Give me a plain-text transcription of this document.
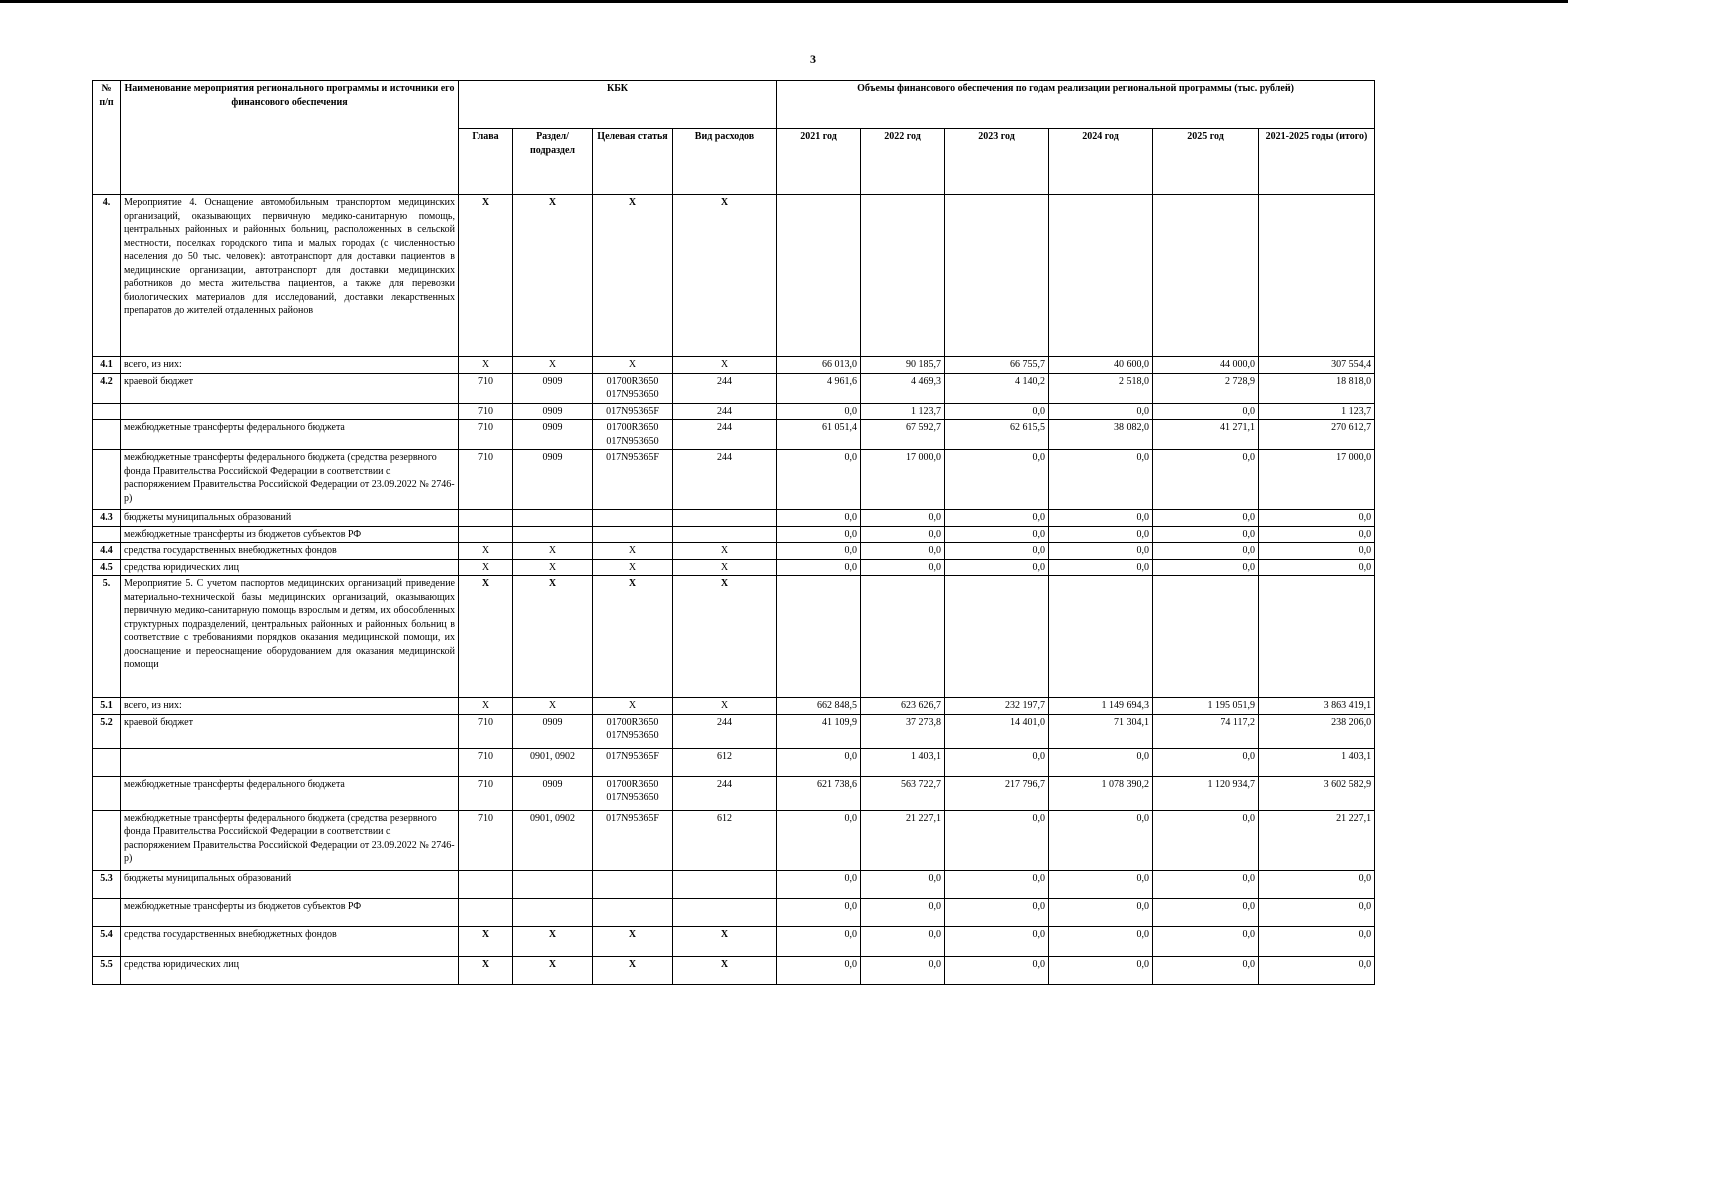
3
№ п/п	Наименование мероприятия регионального программы и источники его финансового обеспечения	КБК				Объемы финансового обеспечения по годам реализации региональной программы (тыс. рублей)					
		Глава	Раздел/ подраздел	Целевая статья	Вид расходов	2021 год	2022 год	2023 год	2024 год	2025 год	2021-2025 годы (итого)
4.	Мероприятие 4. Оснащение автомобильным транспортом медицинских организаций, оказывающих первичную медико-санитарную помощь, центральных районных и районных больниц, расположенных в сельской местности, поселках городского типа и малых городах (с численностью населения до 50 тыс. человек): автотранспорт для доставки пациентов в медицинские организации, автотранспорт для доставки медицинских работников до места жительства пациентов, а также для перевозки биологических материалов для исследований, доставки лекарственных препаратов до жителей отдаленных районов	X	X	X	X						
4.1	всего, из них:	X	X	X	X	66 013,0	90 185,7	66 755,7	40 600,0	44 000,0	307 554,4
4.2	краевой бюджет	710	0909	01700R3650 017N953650	244	4 961,6	4 469,3	4 140,2	2 518,0	2 728,9	18 818,0
		710	0909	017N95365F	244	0,0	1 123,7	0,0	0,0	0,0	1 123,7
	межбюджетные трансферты федерального бюджета	710	0909	01700R3650 017N953650	244	61 051,4	67 592,7	62 615,5	38 082,0	41 271,1	270 612,7
	межбюджетные трансферты федерального бюджета (средства резервного фонда Правительства Российской Федерации в соответствии с распоряжением Правительства Российской Федерации от 23.09.2022 № 2746-р)	710	0909	017N95365F	244	0,0	17 000,0	0,0	0,0	0,0	17 000,0
4.3	бюджеты муниципальных образований					0,0	0,0	0,0	0,0	0,0	0,0
	межбюджетные трансферты из бюджетов субъектов РФ					0,0	0,0	0,0	0,0	0,0	0,0
4.4	средства государственных внебюджетных фондов	X	X	X	X	0,0	0,0	0,0	0,0	0,0	0,0
4.5	средства юридических лиц	X	X	X	X	0,0	0,0	0,0	0,0	0,0	0,0
5.	Мероприятие 5. С учетом паспортов медицинских организаций приведение материально-технической базы медицинских организаций, оказывающих первичную медико-санитарную помощь взрослым и детям, их обособленных структурных подразделений, центральных районных и районных больниц в соответствие с требованиями порядков оказания медицинской помощи, их дооснащение и переоснащение оборудованием для оказания медицинской помощи	X	X	X	X						
5.1	всего, из них:	X	X	X	X	662 848,5	623 626,7	232 197,7	1 149 694,3	1 195 051,9	3 863 419,1
5.2	краевой бюджет	710	0909	01700R3650 017N953650	244	41 109,9	37 273,8	14 401,0	71 304,1	74 117,2	238 206,0
		710	0901, 0902	017N95365F	612	0,0	1 403,1	0,0	0,0	0,0	1 403,1
	межбюджетные трансферты федерального бюджета	710	0909	01700R3650 017N953650	244	621 738,6	563 722,7	217 796,7	1 078 390,2	1 120 934,7	3 602 582,9
	межбюджетные трансферты федерального бюджета (средства резервного фонда Правительства Российской Федерации в соответствии с распоряжением Правительства Российской Федерации от 23.09.2022 № 2746-р)	710	0901, 0902	017N95365F	612	0,0	21 227,1	0,0	0,0	0,0	21 227,1
5.3	бюджеты муниципальных образований					0,0	0,0	0,0	0,0	0,0	0,0
	межбюджетные трансферты из бюджетов субъектов РФ					0,0	0,0	0,0	0,0	0,0	0,0
5.4	средства государственных внебюджетных фондов	X	X	X	X	0,0	0,0	0,0	0,0	0,0	0,0
5.5	средства юридических лиц	X	X	X	X	0,0	0,0	0,0	0,0	0,0	0,0
